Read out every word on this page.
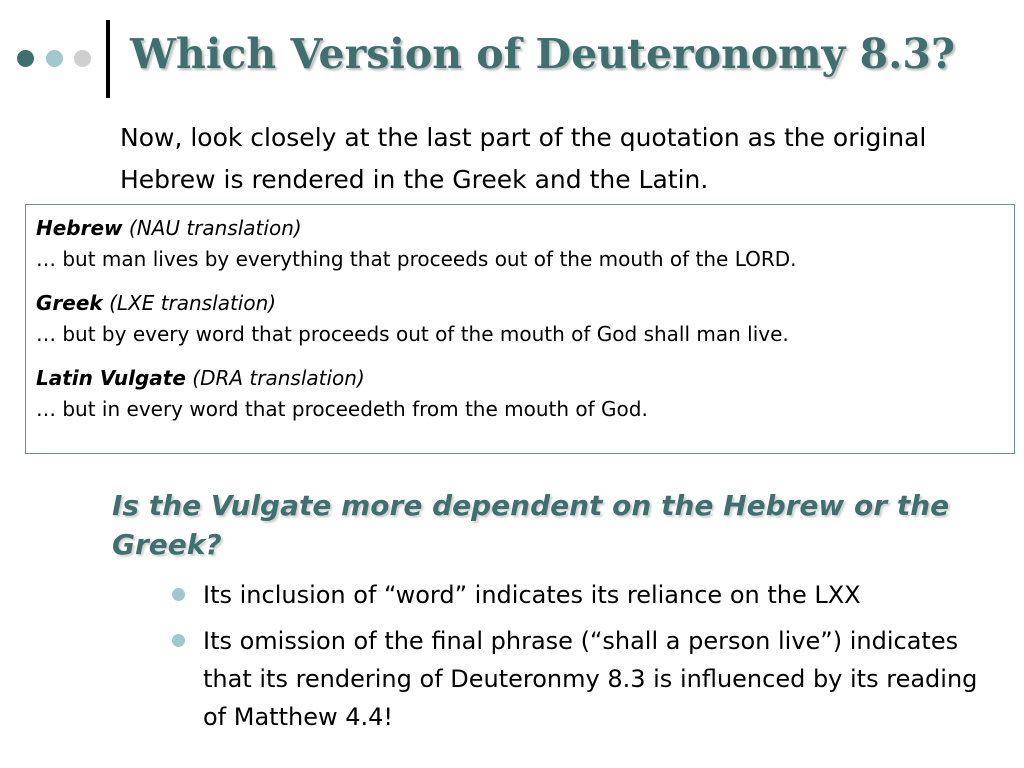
Which Version of Deuteronomy 8.3?

Now, look closely at the last part of the quotation as the original Hebrew is rendered in the Greek and the Latin.

Hebrew (NAU translation)
… but man lives by everything that proceeds out of the mouth of the LORD.
Greek (LXE translation)
… but by every word that proceeds out of the mouth of God shall man live.
Latin Vulgate (DRA translation)
… but in every word that proceedeth from the mouth of God.

Is the Vulgate more dependent on the Hebrew or the Greek?

Its inclusion of “word” indicates its reliance on the LXX
Its omission of the final phrase (“shall a person live”) indicates that its rendering of Deuteronmy 8.3 is influenced by its reading of Matthew 4.4!
